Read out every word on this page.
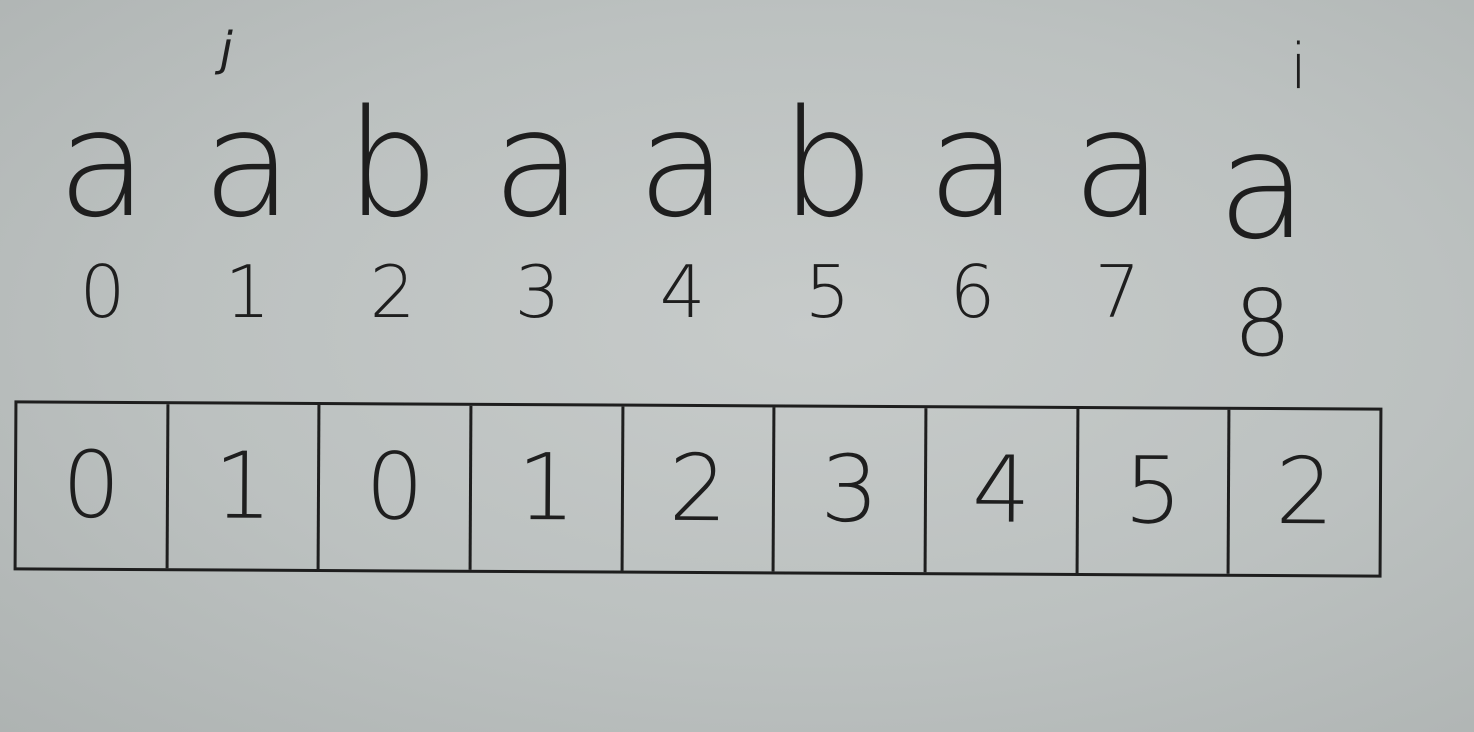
j	i
a a b a a b a a a
0	1	2	3	4	5	6	7	8
0	1	0	1	2	3	4	5	2
